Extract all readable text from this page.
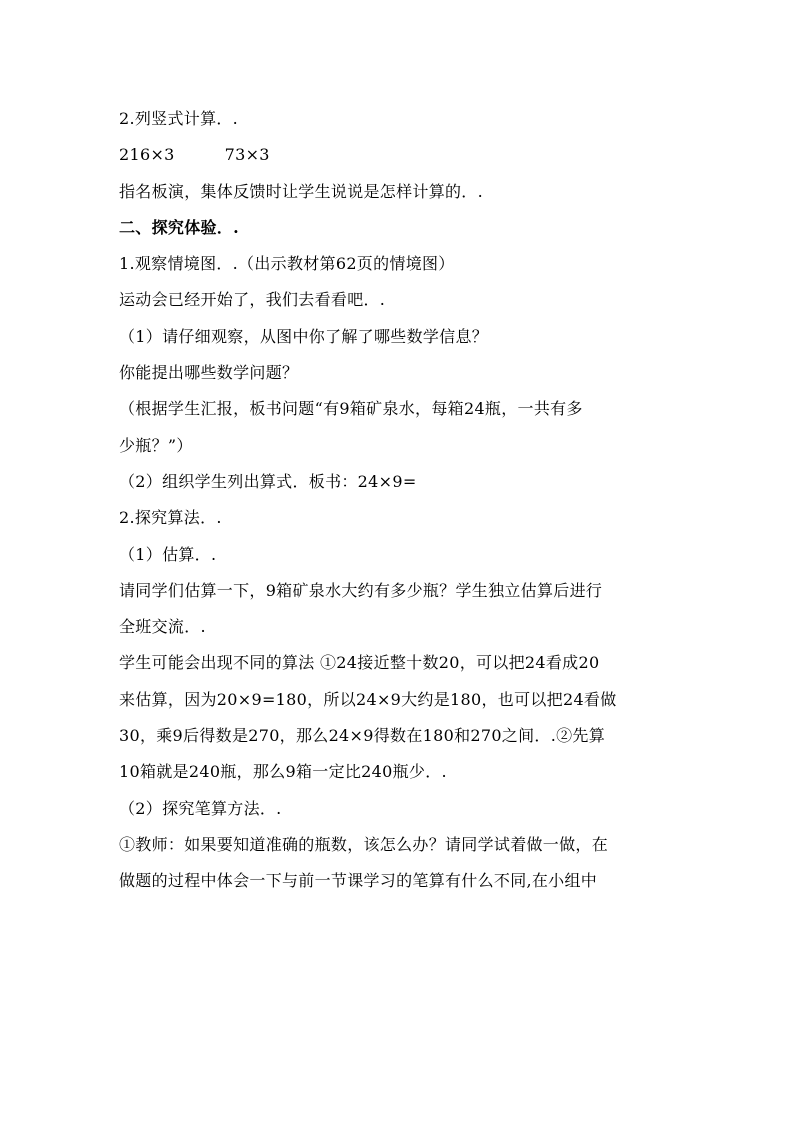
2.列竖式计算．.
216×3	73×3
指名板演，集体反馈时让学生说说是怎样计算的．.
二、探究体验．.
1.观察情境图．.（出示教材第62页的情境图）
运动会已经开始了，我们去看看吧．.
（1）请仔细观察，从图中你了解了哪些数学信息？
你能提出哪些数学问题？
（根据学生汇报，板书问题“有9箱矿泉水，每箱24瓶，一共有多
少瓶？”）
（2）组织学生列出算式．板书：24×9=
2.探究算法．.
（1）估算．.
请同学们估算一下，9箱矿泉水大约有多少瓶？学生独立估算后进行
全班交流．.
学生可能会出现不同的算法 ①24接近整十数20，可以把24看成20
来估算，因为20×9=180，所以24×9大约是180，也可以把24看做
30，乘9后得数是270，那么24×9得数在180和270之间．.②先算
10箱就是240瓶，那么9箱一定比240瓶少．.
（2）探究笔算方法．.
①教师：如果要知道准确的瓶数，该怎么办？请同学试着做一做，在
做题的过程中体会一下与前一节课学习的笔算有什么不同,在小组中
